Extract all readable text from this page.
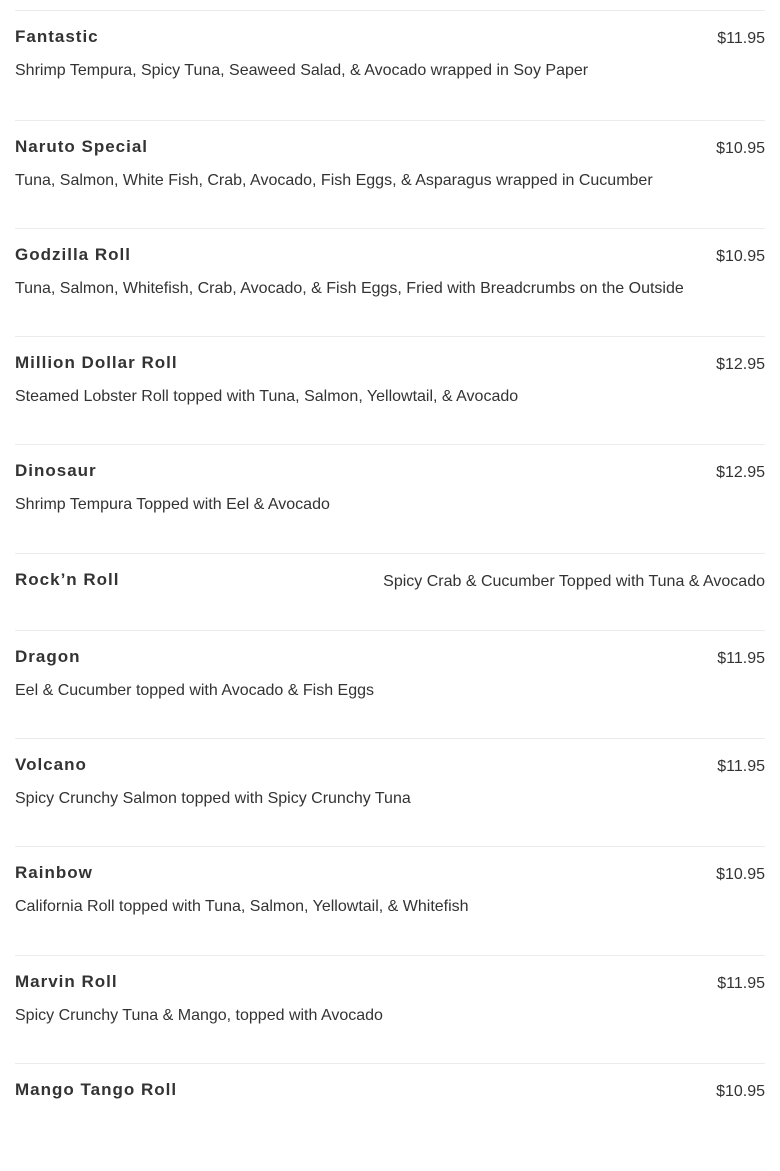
Fantastic	$11.95
Shrimp Tempura, Spicy Tuna, Seaweed Salad, & Avocado wrapped in Soy Paper
Naruto Special	$10.95
Tuna, Salmon, White Fish, Crab, Avocado, Fish Eggs, & Asparagus wrapped in Cucumber
Godzilla Roll	$10.95
Tuna, Salmon, Whitefish, Crab, Avocado, & Fish Eggs, Fried with Breadcrumbs on the Outside
Million Dollar Roll	$12.95
Steamed Lobster Roll topped with Tuna, Salmon, Yellowtail, & Avocado
Dinosaur	$12.95
Shrimp Tempura Topped with Eel & Avocado
Rock’n Roll	Spicy Crab & Cucumber Topped with Tuna & Avocado
Dragon	$11.95
Eel & Cucumber topped with Avocado & Fish Eggs
Volcano	$11.95
Spicy Crunchy Salmon topped with Spicy Crunchy Tuna
Rainbow	$10.95
California Roll topped with Tuna, Salmon, Yellowtail, & Whitefish
Marvin Roll	$11.95
Spicy Crunchy Tuna & Mango, topped with Avocado
Mango Tango Roll	$10.95
